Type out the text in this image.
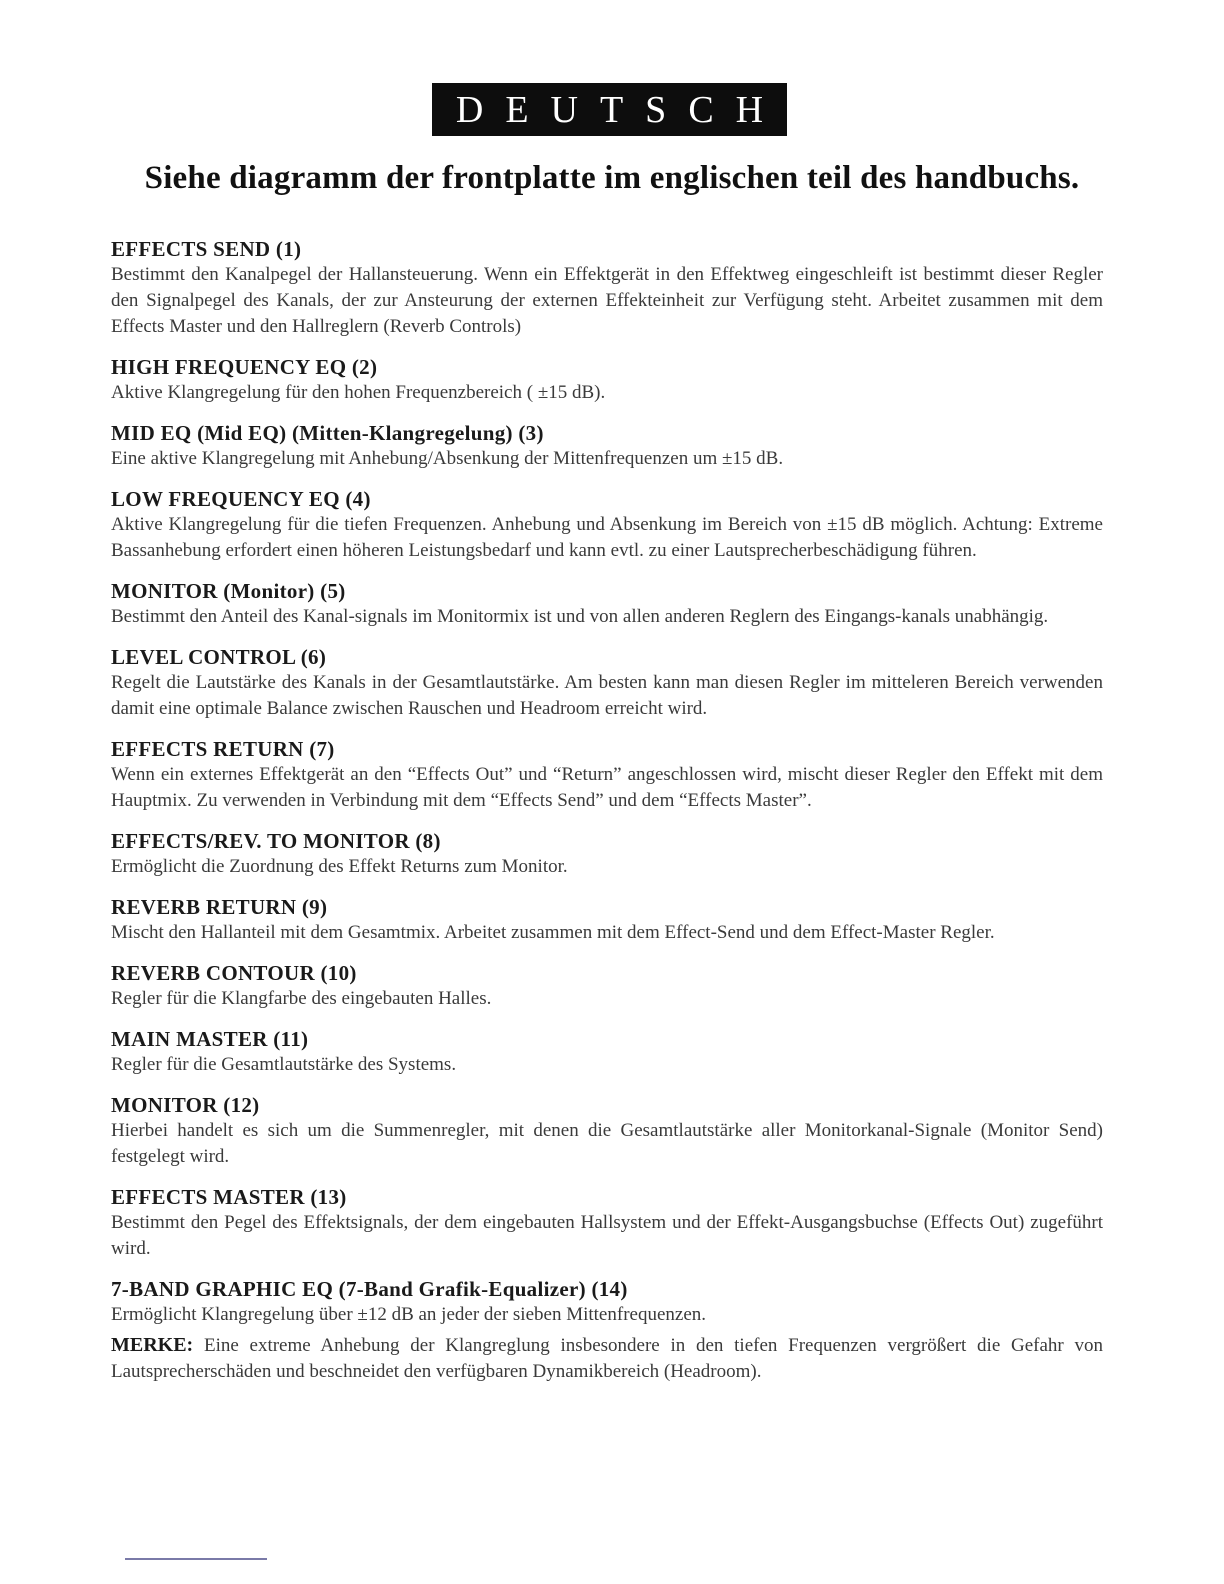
DEUTSCH
Siehe diagramm der frontplatte im englischen teil des handbuchs.
EFFECTS SEND (1)
Bestimmt den Kanalpegel der Hallansteuerung. Wenn ein Effektgerät in den Effektweg eingeschleift ist bestimmt dieser Regler den Signalpegel des Kanals, der zur Ansteurung der externen Effekteinheit zur Verfügung steht. Arbeitet zusammen mit dem Effects Master und den Hallreglern (Reverb Controls)
HIGH FREQUENCY EQ (2)
Aktive Klangregelung für den hohen Frequenzbereich ( ±15 dB).
MID EQ (Mid EQ) (Mitten-Klangregelung) (3)
Eine aktive Klangregelung mit Anhebung/Absenkung der Mittenfrequenzen um ±15 dB.
LOW FREQUENCY EQ (4)
Aktive Klangregelung für die tiefen Frequenzen. Anhebung und Absenkung im Bereich von ±15 dB möglich. Achtung: Extreme Bassanhebung erfordert einen höheren Leistungsbedarf und kann evtl. zu einer Lautsprecherbeschädigung führen.
MONITOR (Monitor) (5)
Bestimmt den Anteil des Kanal-signals im Monitormix ist und von allen anderen Reglern des Eingangs-kanals unabhängig.
LEVEL CONTROL (6)
Regelt die Lautstärke des Kanals in der Gesamtlautstärke. Am besten kann man diesen Regler im mitteleren Bereich verwenden damit eine optimale Balance zwischen Rauschen und Headroom erreicht wird.
EFFECTS RETURN (7)
Wenn ein externes Effektgerät an den “Effects Out” und “Return” angeschlossen wird, mischt dieser Regler den Effekt mit dem Hauptmix. Zu verwenden in Verbindung mit dem “Effects Send” und dem “Effects Master”.
EFFECTS/REV. TO MONITOR (8)
Ermöglicht die Zuordnung des Effekt Returns zum Monitor.
REVERB RETURN (9)
Mischt den Hallanteil mit dem Gesamtmix. Arbeitet zusammen mit dem Effect-Send und dem Effect-Master Regler.
REVERB CONTOUR (10)
Regler für die Klangfarbe des eingebauten Halles.
MAIN MASTER (11)
Regler für die Gesamtlautstärke des Systems.
MONITOR (12)
Hierbei handelt es sich um die Summenregler, mit denen die Gesamtlautstärke aller Monitorkanal-Signale (Monitor Send) festgelegt wird.
EFFECTS MASTER (13)
Bestimmt den Pegel des Effektsignals, der dem eingebauten Hallsystem und der Effekt-Ausgangsbuchse (Effects Out) zugeführt wird.
7-BAND GRAPHIC EQ (7-Band Grafik-Equalizer) (14)
Ermöglicht Klangregelung über ±12 dB an jeder der sieben Mittenfrequenzen.
MERKE: Eine extreme Anhebung der Klangreglung insbesondere in den tiefen Frequenzen vergrößert die Gefahr von Lautsprecherschäden und beschneidet den verfügbaren Dynamikbereich (Headroom).
